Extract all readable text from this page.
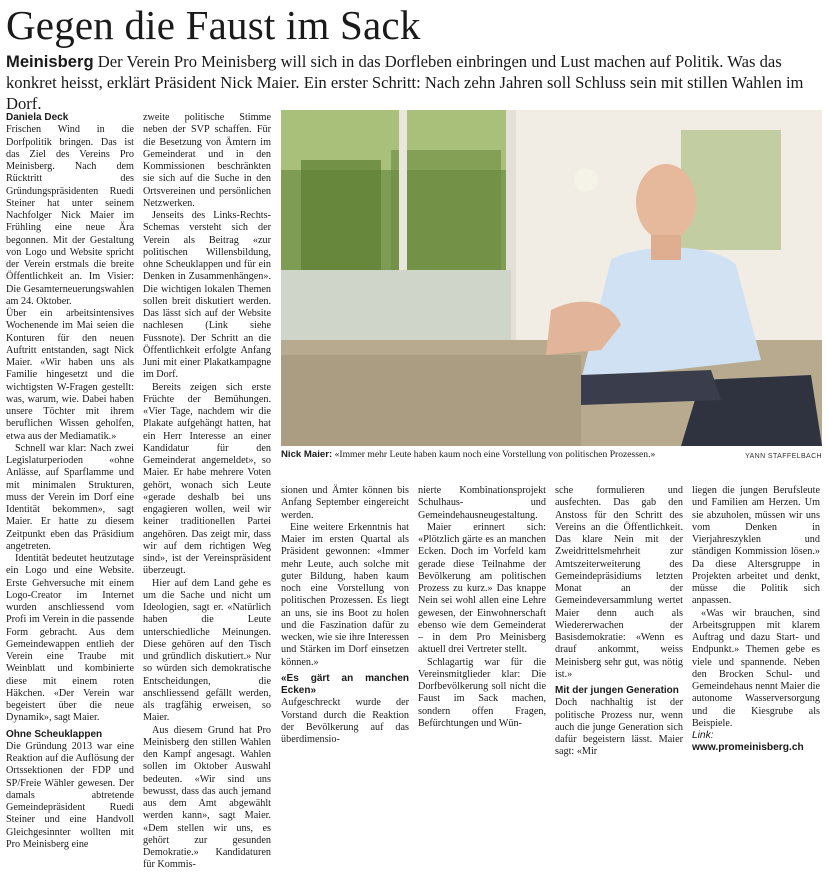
Gegen die Faust im Sack

Meinisberg Der Verein Pro Meinisberg will sich in das Dorfleben einbringen und Lust machen auf Politik. Was das konkret heisst, erklärt Präsident Nick Maier. Ein erster Schritt: Nach zehn Jahren soll Schluss sein mit stillen Wahlen im Dorf.

Daniela Deck

Frischen Wind in die Dorfpolitik bringen. Das ist das Ziel des Vereins Pro Meinisberg. Nach dem Rücktritt des Gründungspräsidenten Ruedi Steiner hat unter seinem Nachfolger Nick Maier im Frühling eine neue Ära begonnen. Mit der Gestaltung von Logo und Website spricht der Verein erstmals die breite Öffentlichkeit an. Im Visier: Die Gesamterneuerungswahlen am 24. Oktober.

Über ein arbeitsintensives Wochenende im Mai seien die Konturen für den neuen Auftritt entstanden, sagt Nick Maier. «Wir haben uns als Familie hingesetzt und die wichtigsten W-Fragen gestellt: was, warum, wie. Dabei haben unsere Töchter mit ihrem beruflichen Wissen geholfen, etwa aus der Mediamatik.»

Schnell war klar: Nach zwei Legislaturperioden «ohne Anlässe, auf Sparflamme und mit minimalen Strukturen, muss der Verein im Dorf eine Identität bekommen», sagt Maier. Er hatte zu diesem Zeitpunkt eben das Präsidium angetreten.

Identität bedeutet heutzutage ein Logo und eine Website. Erste Gehversuche mit einem Logo-Creator im Internet wurden anschliessend vom Profi im Verein in die passende Form gebracht. Aus dem Gemeindewappen entlieh der Verein eine Traube mit Weinblatt und kombinierte diese mit einem roten Häkchen. «Der Verein war begeistert über die neue Dynamik», sagt Maier.

Ohne Scheuklappen

Die Gründung 2013 war eine Reaktion auf die Auflösung der Ortssektionen der FDP und SP/Freie Wähler gewesen. Der damals abtretende Gemeindepräsident Ruedi Steiner und eine Handvoll Gleichgesinnter wollten mit Pro Meinisberg eine

zweite politische Stimme neben der SVP schaffen. Für die Besetzung von Ämtern im Gemeinderat und in den Kommissionen beschränkten sie sich auf die Suche in den Ortsvereinen und persönlichen Netzwerken.

Jenseits des Links-Rechts-Schemas versteht sich der Verein als Beitrag «zur politischen Willensbildung, ohne Scheuklappen und für ein Denken in Zusammenhängen». Die wichtigen lokalen Themen sollen breit diskutiert werden. Das lässt sich auf der Website nachlesen (Link siehe Fussnote). Der Schritt an die Öffentlichkeit erfolgte Anfang Juni mit einer Plakatkampagne im Dorf.

Bereits zeigen sich erste Früchte der Bemühungen. «Vier Tage, nachdem wir die Plakate aufgehängt hatten, hat ein Herr Interesse an einer Kandidatur für den Gemeinderat angemeldet», so Maier. Er habe mehrere Voten gehört, wonach sich Leute «gerade deshalb bei uns engagieren wollen, weil wir keiner traditionellen Partei angehören. Das zeigt mir, dass wir auf dem richtigen Weg sind», ist der Vereinspräsident überzeugt.

Hier auf dem Land gehe es um die Sache und nicht um Ideologien, sagt er. «Natürlich haben die Leute unterschiedliche Meinungen. Diese gehören auf den Tisch und gründlich diskutiert.» Nur so würden sich demokratische Entscheidungen, die anschliessend gefällt werden, als tragfähig erweisen, so Maier.

Aus diesem Grund hat Pro Meinisberg den stillen Wahlen den Kampf angesagt. Wahlen sollen im Oktober Auswahl bedeuten. «Wir sind uns bewusst, dass das auch jemand aus dem Amt abgewählt werden kann», sagt Maier. «Dem stellen wir uns, es gehört zur gesunden Demokratie.» Kandidaturen für Kommis-

YANN STAFFELBACH
Nick Maier: «Immer mehr Leute haben kaum noch eine Vorstellung von politischen Prozessen.»

sionen und Ämter können bis Anfang September eingereicht werden.

Eine weitere Erkenntnis hat Maier im ersten Quartal als Präsident gewonnen: «Immer mehr Leute, auch solche mit guter Bildung, haben kaum noch eine Vorstellung von politischen Prozessen. Es liegt an uns, sie ins Boot zu holen und die Faszination dafür zu wecken, wie sie ihre Interessen und Stärken im Dorf einsetzen können.»

«Es gärt an manchen Ecken»

Aufgeschreckt wurde der Vorstand durch die Reaktion der Bevölkerung auf das überdimensio-

nierte Kombinationsprojekt Schulhaus- und Gemeindehausneugestaltung.

Maier erinnert sich: «Plötzlich gärte es an manchen Ecken. Doch im Vorfeld kam gerade diese Teilnahme der Bevölkerung am politischen Prozess zu kurz.» Das knappe Nein sei wohl allen eine Lehre gewesen, der Einwohnerschaft ebenso wie dem Gemeinderat – in dem Pro Meinisberg aktuell drei Vertreter stellt.

Schlagartig war für die Vereinsmitglieder klar: Die Dorfbevölkerung soll nicht die Faust im Sack machen, sondern offen Fragen, Befürchtungen und Wün-

sche formulieren und ausfechten. Das gab den Anstoss für den Schritt des Vereins an die Öffentlichkeit. Das klare Nein mit der Zweidrittelsmehrheit zur Amtszeiterweiterung des Gemeindepräsidiums letzten Monat an der Gemeindeversammlung wertet Maier denn auch als Wiedererwachen der Basisdemokratie: «Wenn es drauf ankommt, weiss Meinisberg sehr gut, was nötig ist.»

Mit der jungen Generation

Doch nachhaltig ist der politische Prozess nur, wenn auch die junge Generation sich dafür begeistern lässt. Maier sagt: «Mir

liegen die jungen Berufsleute und Familien am Herzen. Um sie abzuholen, müssen wir uns vom Denken in Vierjahreszyklen und ständigen Kommission lösen.» Da diese Altersgruppe in Projekten arbeitet und denkt, müsse die Politik sich anpassen.

«Was wir brauchen, sind Arbeitsgruppen mit klarem Auftrag und dazu Start- und Endpunkt.» Themen gebe es viele und spannende. Neben den Brocken Schul- und Gemeindehaus nennt Maier die autonome Wasserversorgung und die Kiesgrube als Beispiele.

Link: www.promeinisberg.ch
